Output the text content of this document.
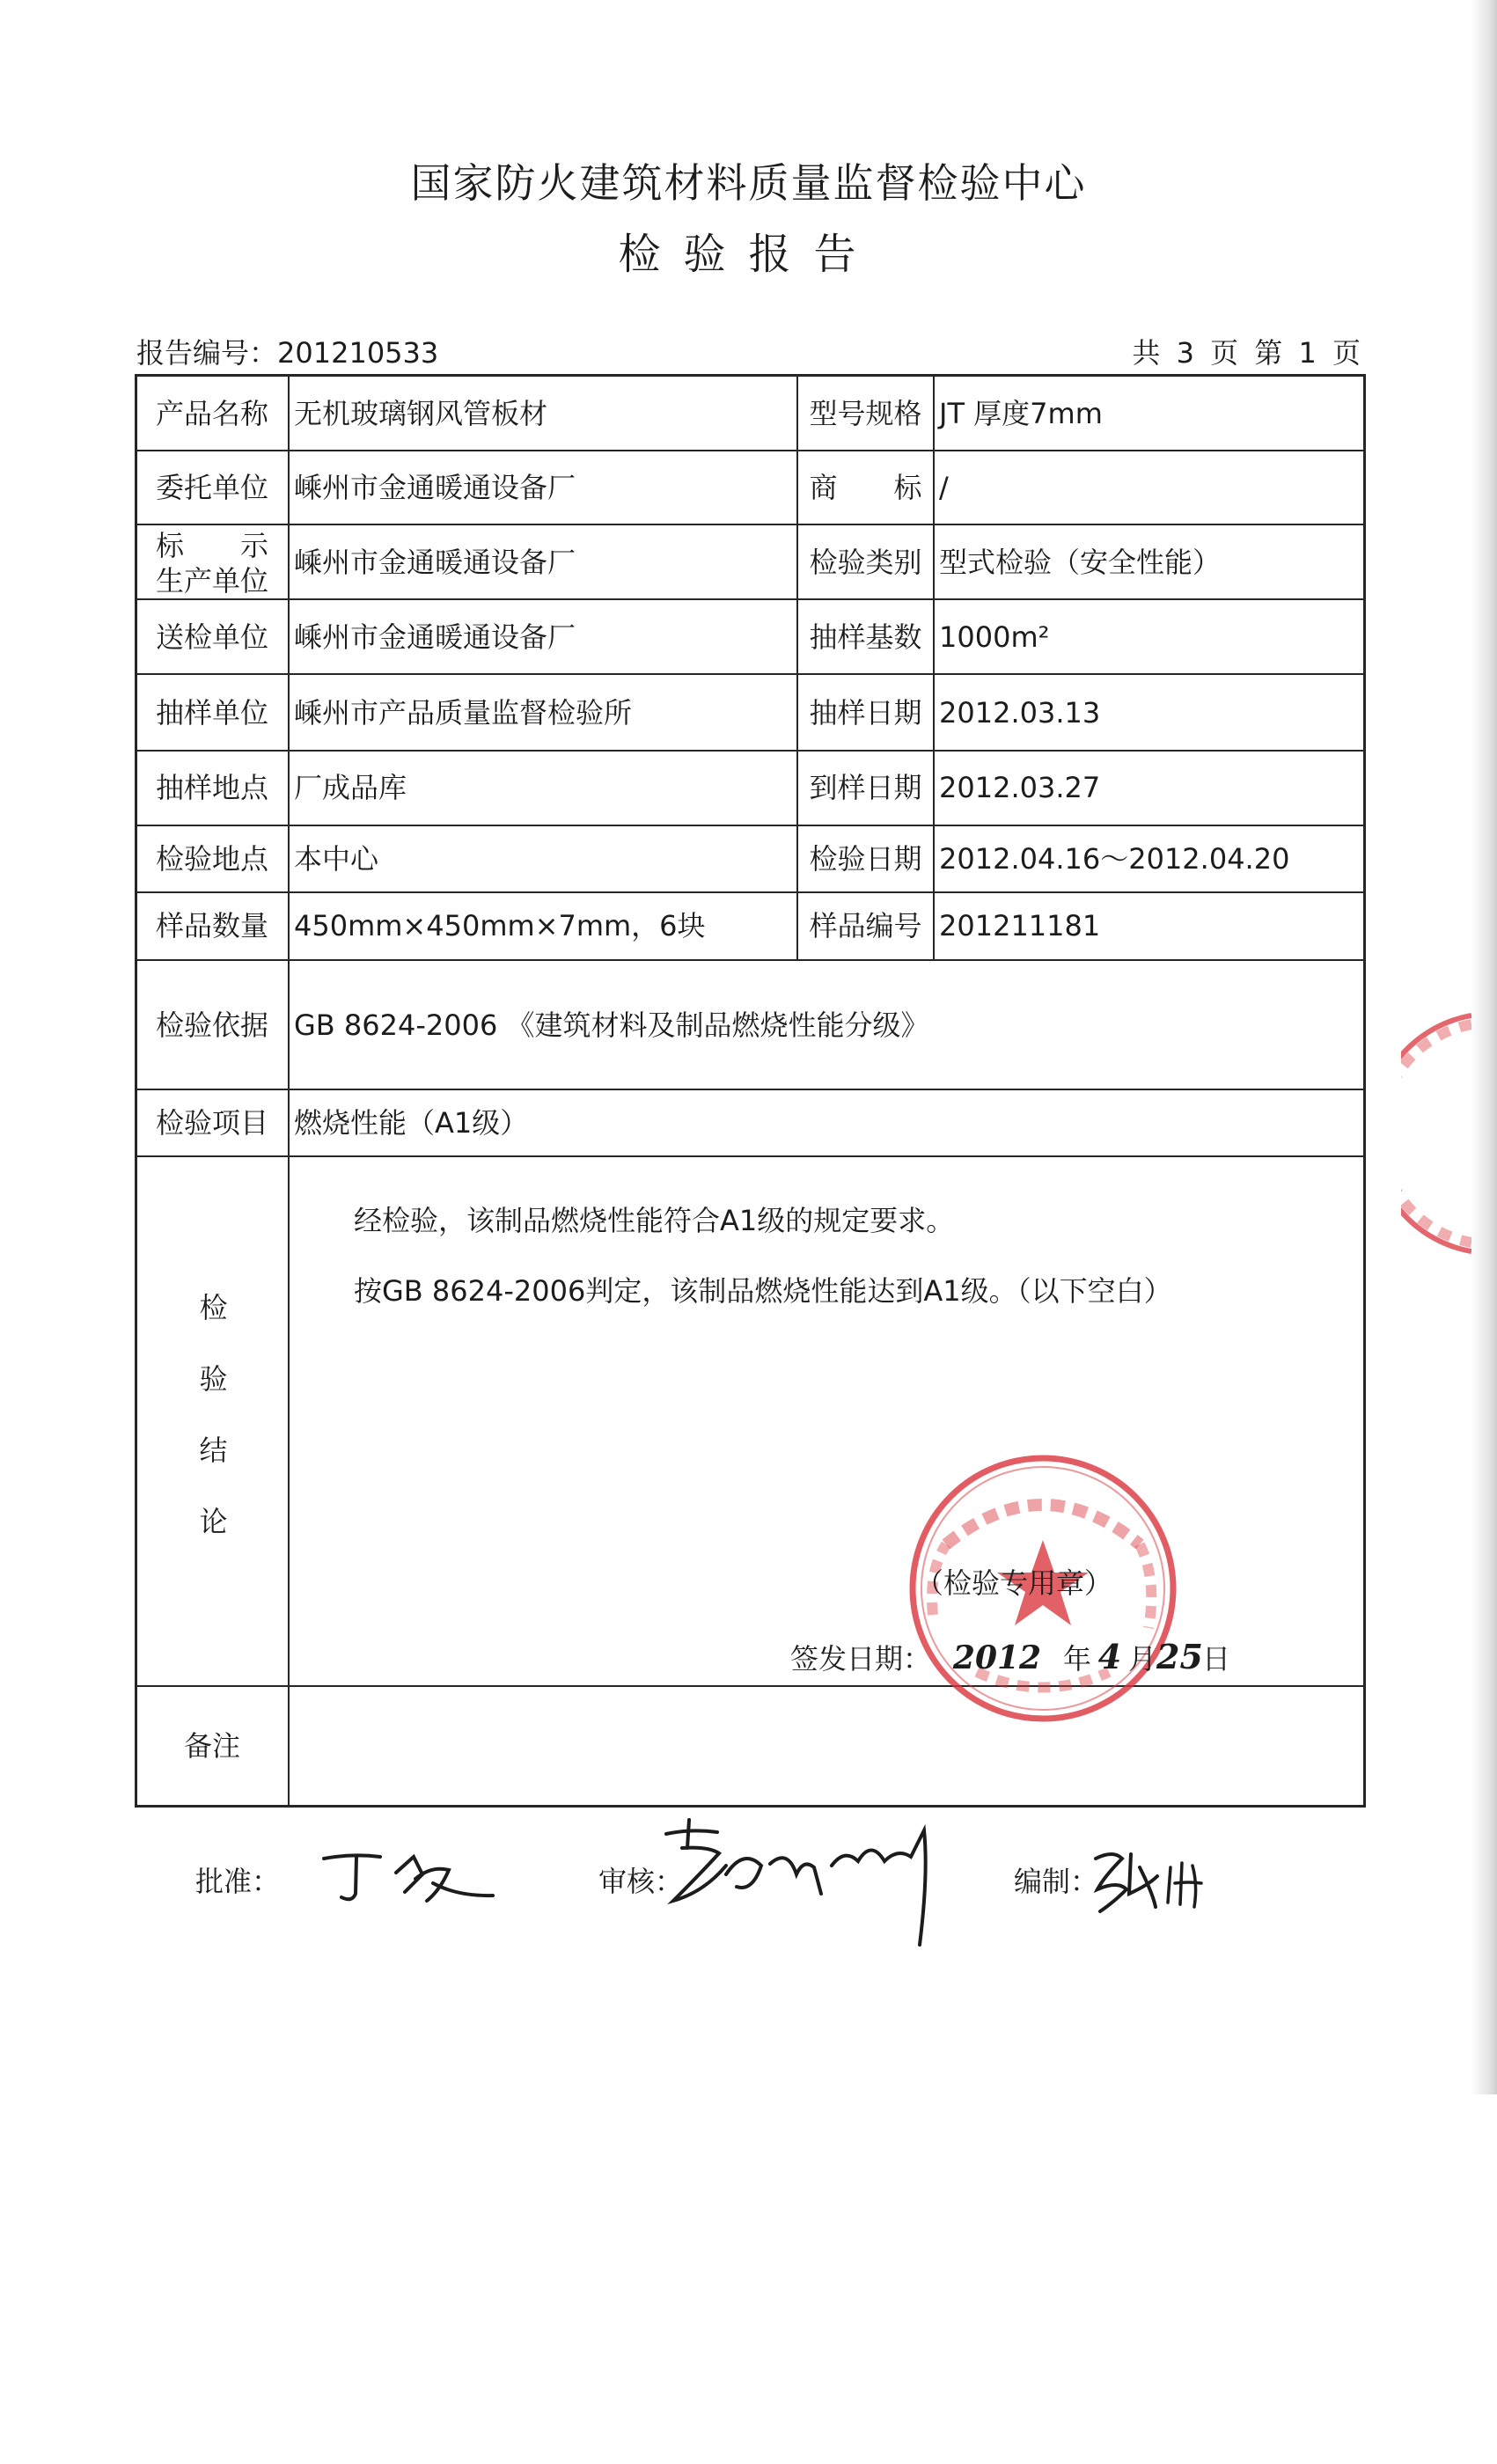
国家防火建筑材料质量监督检验中心
检验报告
报告编号：201210533	共 3 页 第 1 页
产品名称 无机玻璃钢风管板材	型号规格 JT 厚度7mm
委托单位 嵊州市金通暖通设备厂	商　　标 /
标　　示
生产单位
嵊州市金通暖通设备厂	检验类别 型式检验（安全性能）
送检单位 嵊州市金通暖通设备厂	抽样基数 1000m²
抽样单位 嵊州市产品质量监督检验所	抽样日期 2012.03.13
抽样地点 厂成品库	到样日期 2012.03.27
检验地点 本中心	检验日期 2012.04.16～2012.04.20
样品数量 450mm×450mm×7mm，6块	样品编号 201211181
检验依据 GB 8624-2006 《建筑材料及制品燃烧性能分级》
检验项目 燃烧性能（A1级）
检
验
结
论
经检验，该制品燃烧性能符合A1级的规定要求。
按GB 8624-2006判定，该制品燃烧性能达到A1级。（以下空白）
（检验专用章）
签发日期： 2012 年 4 月25日
备注
批准：	审核：	编制：
